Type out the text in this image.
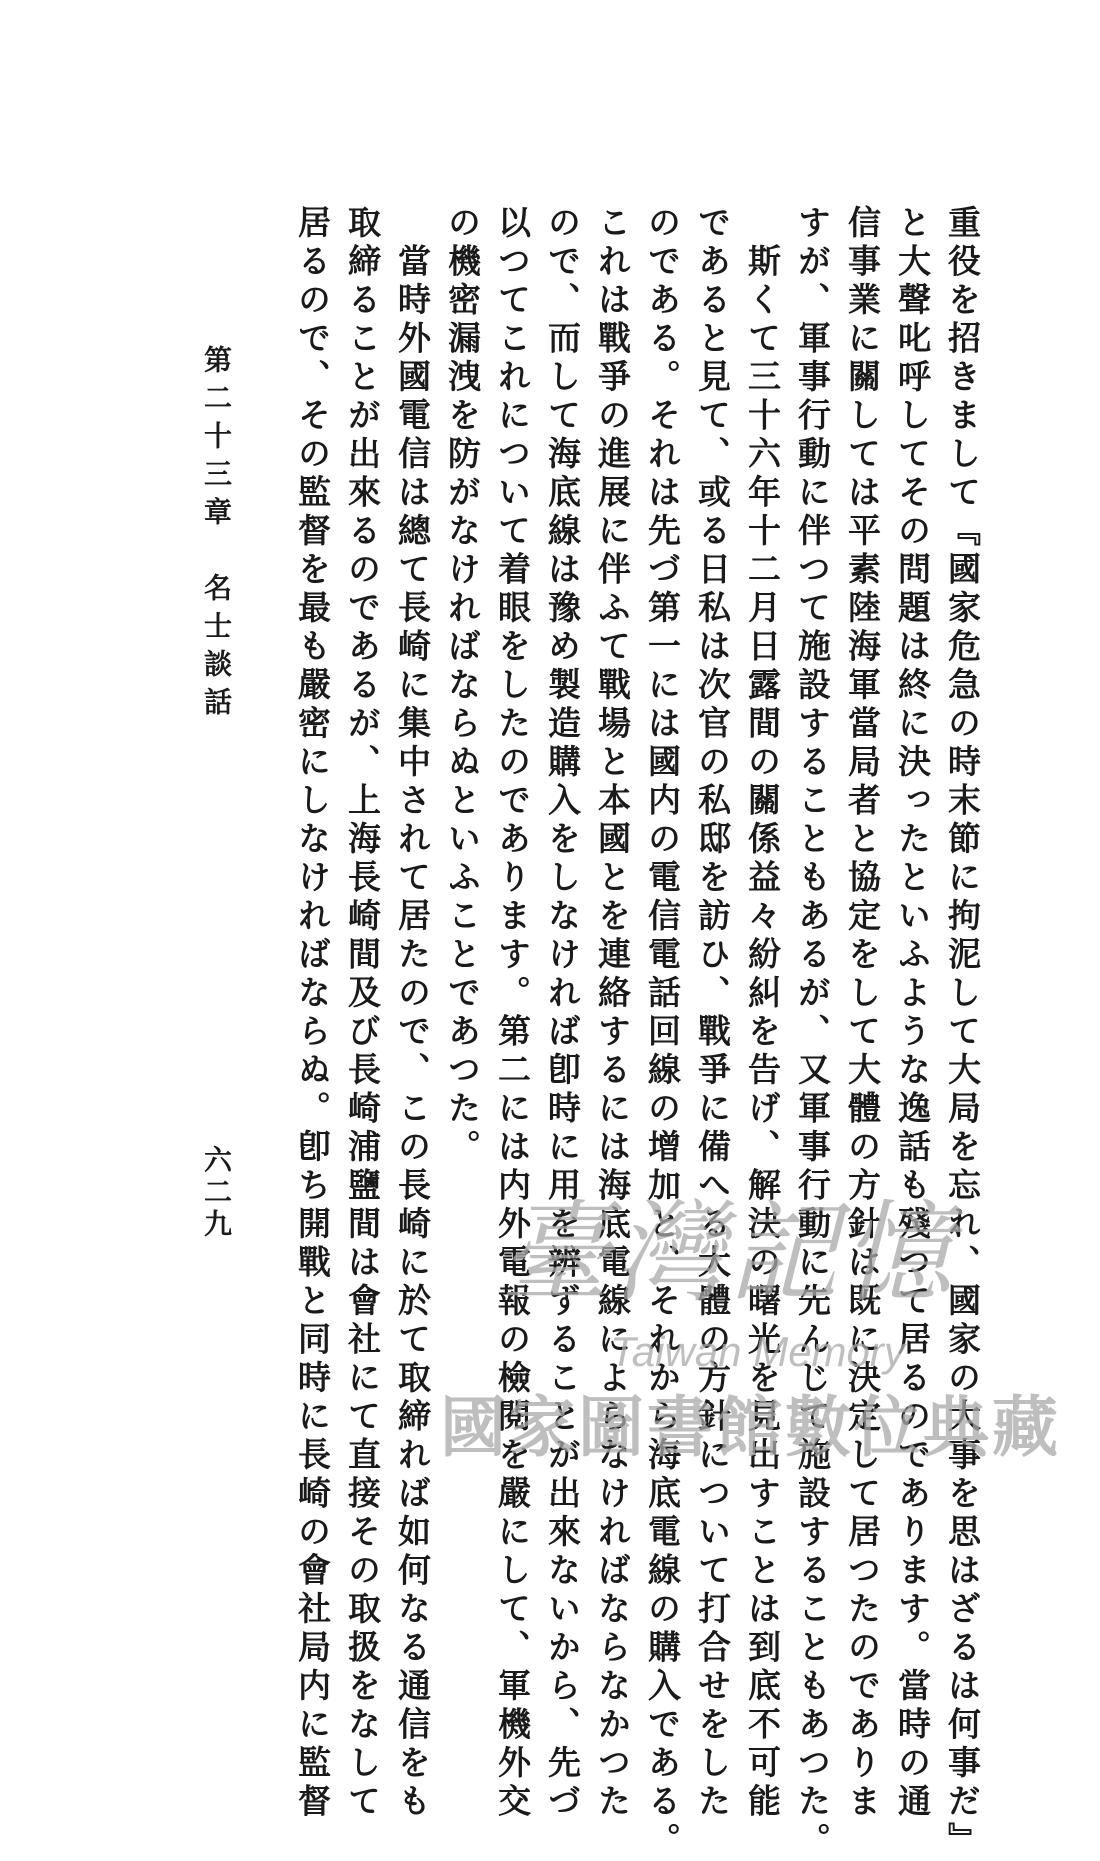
重役を招きまして『國家危急の時末節に拘泥して大局を忘れ、國家の大事を思はざるは何事だ』
と大聲叱呼してその問題は終に決ったといふような逸話も殘つて居るのであります。當時の通
信事業に關しては平素陸海軍當局者と協定をして大體の方針は既に決定して居つたのでありま
すが、軍事行動に伴つて施設することもあるが、又軍事行動に先んじて施設することもあつた。
　斯くて三十六年十二月日露間の關係益々紛糾を告げ、解決の曙光を見出すことは到底不可能
であると見て、或る日私は次官の私邸を訪ひ、戰爭に備へる大體の方針について打合せをした
のである。それは先づ第一には國内の電信電話回線の增加と、それから海底電線の購入である。
これは戰爭の進展に伴ふて戰場と本國とを連絡するには海底電線によらなければならなかつた
ので、而して海底線は豫め製造購入をしなければ卽時に用を辨ずることが出來ないから、先づ
以つてこれについて着眼をしたのであります。第二には内外電報の檢閱を嚴にして、軍機外交
の機密漏洩を防がなければならぬといふことであつた。
　當時外國電信は總て長崎に集中されて居たので、この長崎に於て取締れば如何なる通信をも
取締ることが出來るのであるが、上海長崎間及び長崎浦鹽間は會社にて直接その取扱をなして
居るので、その監督を最も嚴密にしなければならぬ。卽ち開戰と同時に長崎の會社局内に監督
第二十三章　名士談話
六二九 臺灣記憶
Taiwan Memory
國家圖書館數位典藏
